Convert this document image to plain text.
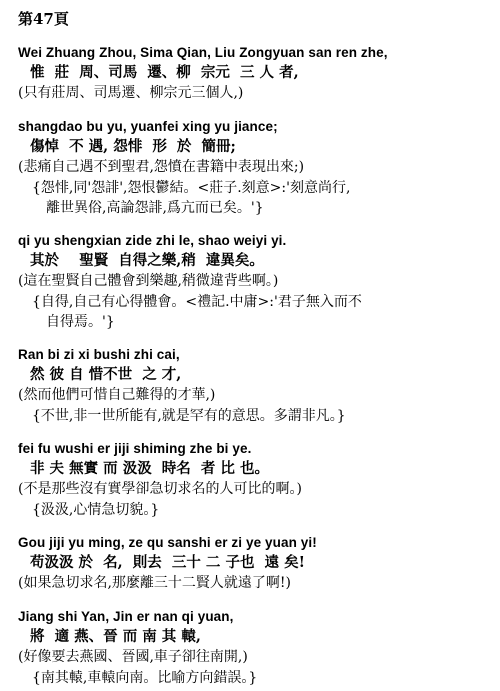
第47頁
Wei Zhuang Zhou, Sima Qian, Liu Zongyuan san ren zhe,
惟  莊  周、司馬  遷、柳  宗元  三 人 者,
(只有莊周、司馬遷、柳宗元三個人,)
shangdao bu yu, yuanfei xing yu jiance;
傷悼  不 遇, 怨悱  形  於  簡冊;
(悲痛自己遇不到聖君,怨憤在書籍中表現出來;)
{怨悱,同'怨誹',怨恨鬱結。<莊子.刻意>:'刻意尚行,
離世異俗,高論怨誹,爲亢而已矣。'}
qi yu shengxian zide zhi le, shao weiyi yi.
其於    聖賢  自得之樂,稍  違異矣。
(這在聖賢自己體會到樂趣,稍微違背些啊。)
{自得,自己有心得體會。<禮記.中庸>:'君子無入而不
自得焉。'}
Ran bi zi xi bushi zhi cai,
然 彼 自 惜不世  之 才,
(然而他們可惜自己難得的才華,)
{不世,非一世所能有,就是罕有的意思。多謂非凡。}
fei fu wushi er jiji shiming zhe bi ye.
非 夫 無實 而 汲汲  時名  者 比 也。
(不是那些沒有實學卻急切求名的人可比的啊。)
{汲汲,心情急切貌。}
Gou jiji yu ming, ze qu sanshi er zi ye yuan yi!
苟汲汲 於  名,  則去  三十 二 子也  遠 矣!
(如果急切求名,那麼離三十二賢人就遠了啊!)
Jiang shi Yan, Jin er nan qi yuan,
將  適 燕、晉 而 南 其 轅,
(好像要去燕國、晉國,車子卻往南開,)
{南其轅,車轅向南。比喻方向錯誤。}
